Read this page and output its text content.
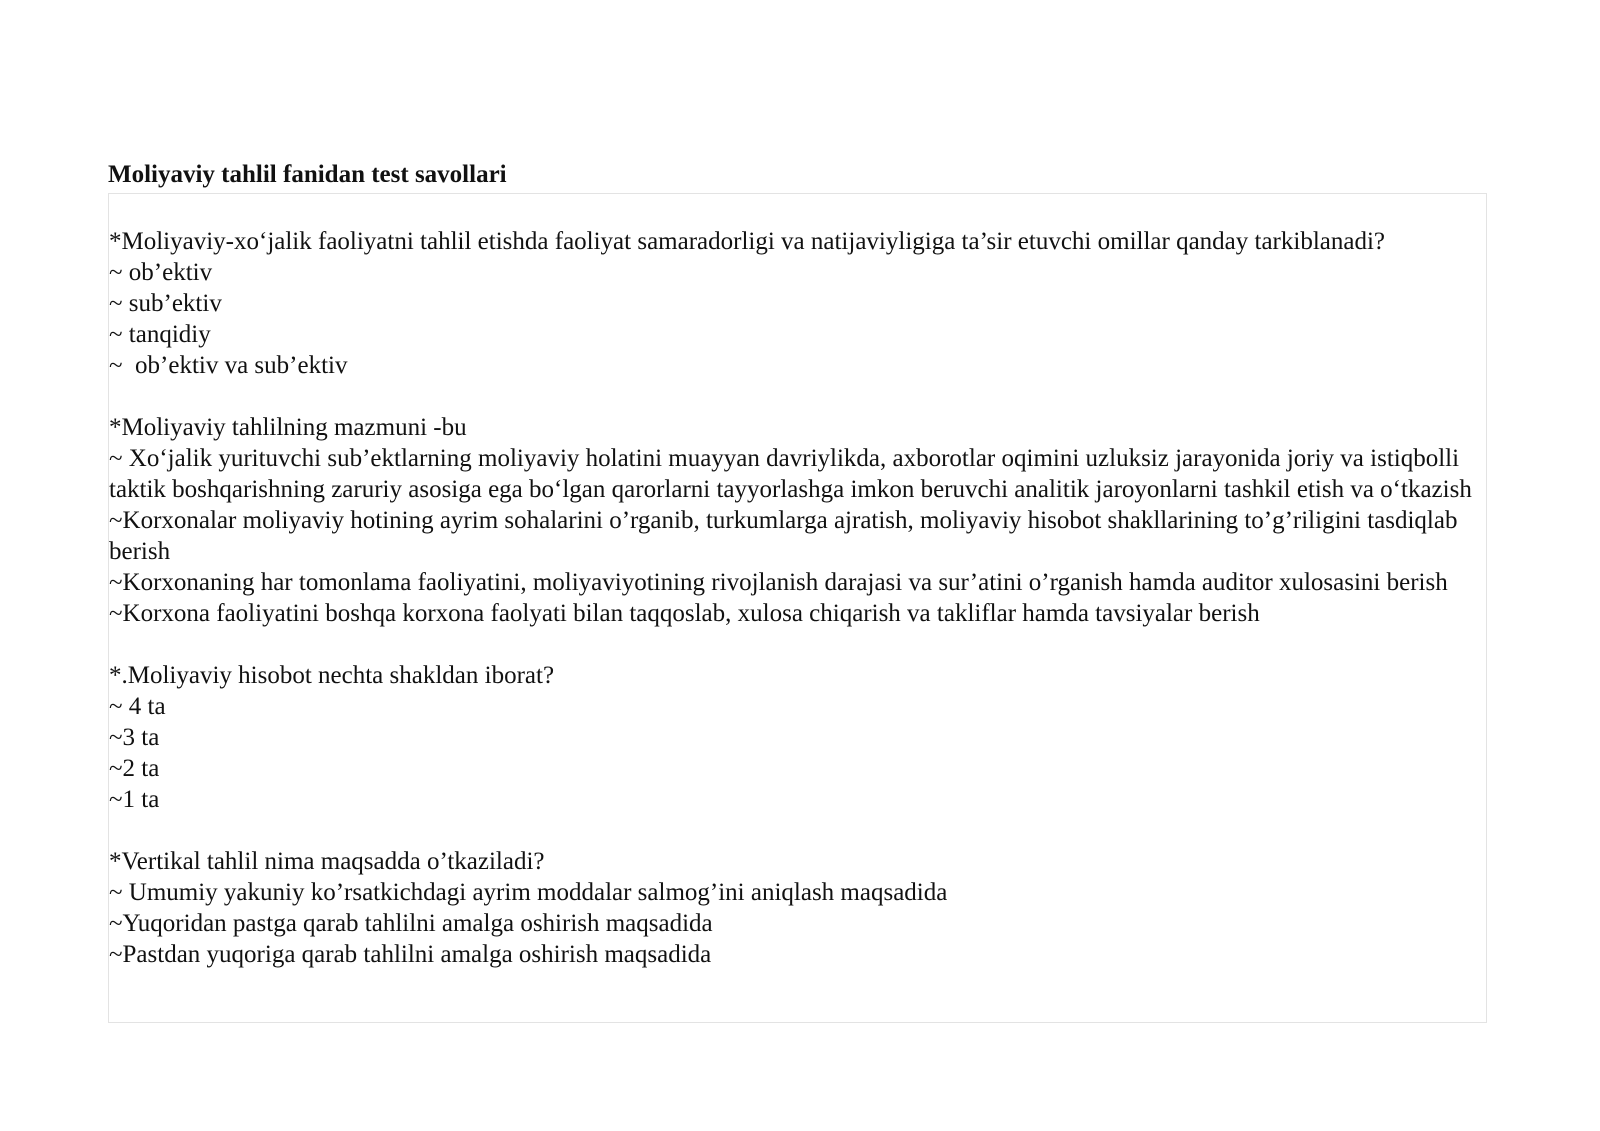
Moliyaviy tahlil fanidan test savollari

*Moliyaviy-xo‘jalik faoliyatni tahlil etishda faoliyat samaradorligi va natijaviyligiga ta’sir etuvchi omillar qanday tarkiblanadi?

~ ob’ektiv

~ sub’ektiv

~ tanqidiy

~  ob’ektiv va sub’ektiv

*Moliyaviy tahlilning mazmuni -bu

~ Xo‘jalik yurituvchi sub’ektlarning moliyaviy holatini muayyan davriylikda, axborotlar oqimini uzluksiz jarayonida joriy va istiqbolli taktik boshqarishning zaruriy asosiga ega bo‘lgan qarorlarni tayyorlashga imkon beruvchi analitik jaroyonlarni tashkil etish va o‘tkazish

~Korxonalar moliyaviy hotining ayrim sohalarini o’rganib, turkumlarga ajratish, moliyaviy hisobot shakllarining to’g’riligini tasdiqlab berish

~Korxonaning har tomonlama faoliyatini, moliyaviyotining rivojlanish darajasi va sur’atini o’rganish hamda auditor xulosasini berish

~Korxona faoliyatini boshqa korxona faolyati bilan taqqoslab, xulosa chiqarish va takliflar hamda tavsiyalar berish

*.Moliyaviy hisobot nechta shakldan iborat?

~ 4 ta

~3 ta

~2 ta

~1 ta

*Vertikal tahlil nima maqsadda o’tkaziladi?

~ Umumiy yakuniy ko’rsatkichdagi ayrim moddalar salmog’ini aniqlash maqsadida

~Yuqoridan pastga qarab tahlilni amalga oshirish maqsadida

~Pastdan yuqoriga qarab tahlilni amalga oshirish maqsadida
